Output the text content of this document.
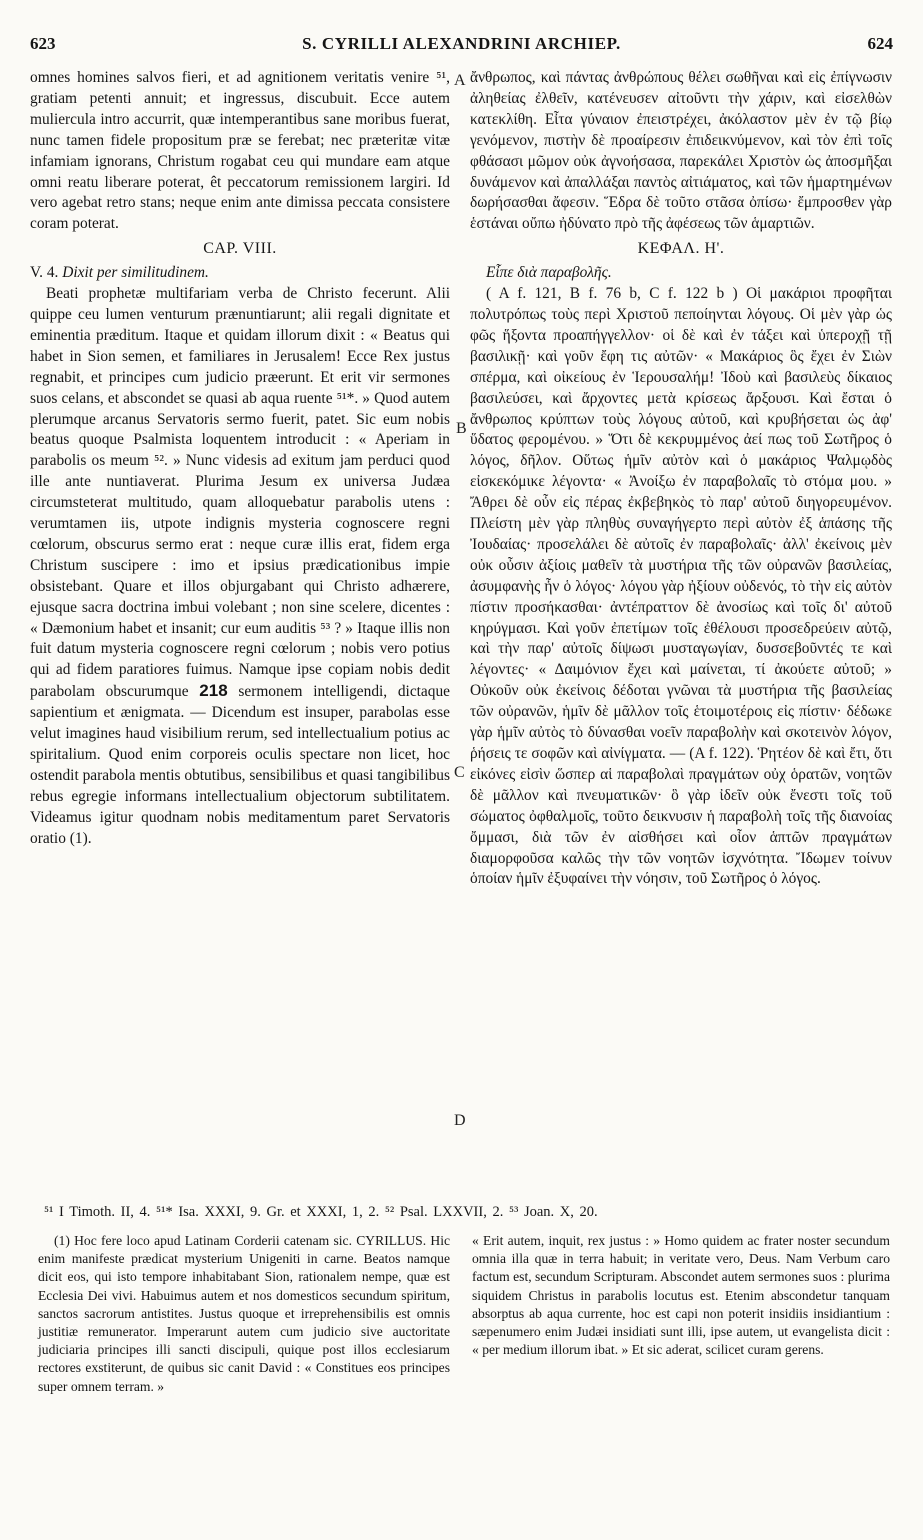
623	S. CYRILLI ALEXANDRINI ARCHIEP.	624

omnes homines salvos fieri, et ad agnitionem veritatis venire ⁵¹, gratiam petenti annuit; et ingressus, discubuit. Ecce autem muliercula intro accurrit, quæ intemperantibus sane moribus fuerat, nunc tamen fidele propositum præ se ferebat; nec præteritæ vitæ infamiam ignorans, Christum rogabat ceu qui mundare eam atque omni reatu liberare poterat, êt peccatorum remissionem largiri. Id vero agebat retro stans; neque enim ante dimissa peccata consistere coram poterat.

CAP. VIII.

V. 4. Dixit per similitudinem.

Beati prophetæ multifariam verba de Christo fecerunt. Alii quippe ceu lumen venturum prænuntiarunt; alii regali dignitate et eminentia præditum. Itaque et quidam illorum dixit : « Beatus qui habet in Sion semen, et familiares in Jerusalem! Ecce Rex justus regnabit, et principes cum judicio præerunt. Et erit vir sermones suos celans, et abscondet se quasi ab aqua ruente ⁵¹*. » Quod autem plerumque arcanus Servatoris sermo fuerit, patet. Sic eum nobis beatus quoque Psalmista loquentem introducit : « Aperiam in parabolis os meum ⁵². » Nunc videsis ad exitum jam perduci quod ille ante nuntiaverat. Plurima Jesum ex universa Judæa circumsteterat multitudo, quam alloquebatur parabolis utens : verumtamen iis, utpote indignis mysteria cognoscere regni cœlorum, obscurus sermo erat : neque curæ illis erat, fidem erga Christum suscipere : imo et ipsius prædicationibus impie obsistebant. Quare et illos objurgabant qui Christo adhærere, ejusque sacra doctrina imbui volebant ; non sine scelere, dicentes : « Dæmonium habet et insanit; cur eum auditis ⁵³ ? » Itaque illis non fuit datum mysteria cognoscere regni cœlorum ; nobis vero potius qui ad fidem paratiores fuimus. Namque ipse copiam nobis dedit parabolam obscurumque 218 sermonem intelligendi, dictaque sapientium et ænigmata. — Dicendum est insuper, parabolas esse velut imagines haud visibilium rerum, sed intellectualium potius ac spiritalium. Quod enim corporeis oculis spectare non licet, hoc ostendit parabola mentis obtutibus, sensibilibus et quasi tangibilibus rebus egregie informans intellectualium objectorum subtilitatem. Videamus igitur quodnam nobis meditamentum paret Servatoris oratio (1).

A
B
C
D

ἄνθρωπος, καὶ πάντας ἀνθρώπους θέλει σωθῆναι καὶ εἰς ἐπίγνωσιν ἀληθείας ἐλθεῖν, κατένευσεν αἰτοῦντι τὴν χάριν, καὶ εἰσελθὼν κατεκλίθη. Εἶτα γύναιον ἐπειστρέχει, ἀκόλαστον μὲν ἐν τῷ βίῳ γενόμενον, πιστὴν δὲ προαίρεσιν ἐπιδεικνύμενον, καὶ τὸν ἐπὶ τοῖς φθάσασι μῶμον οὐκ ἀγνοήσασα, παρεκάλει Χριστὸν ὡς ἀποσμῆξαι δυνάμενον καὶ ἀπαλλάξαι παντὸς αἰτιάματος, καὶ τῶν ἡμαρτημένων δωρήσασθαι ἄφεσιν. Ἕδρα δὲ τοῦτο στᾶσα ὀπίσω· ἔμπροσθεν γὰρ ἑστάναι οὔπω ἠδύνατο πρὸ τῆς ἀφέσεως τῶν ἁμαρτιῶν.

ΚΕΦΑΛ. Η'.

Εἶπε διὰ παραβολῆς.

( A f. 121, B f. 76 b, C f. 122 b ) Οἱ μακάριοι προφῆται πολυτρόπως τοὺς περὶ Χριστοῦ πεποίηνται λόγους. Οἱ μὲν γὰρ ὡς φῶς ἥξοντα προαπήγγελλον· οἱ δὲ καὶ ἐν τάξει καὶ ὑπεροχῇ τῇ βασιλικῇ· καὶ γοῦν ἔφη τις αὐτῶν· « Μακάριος ὃς ἔχει ἐν Σιὼν σπέρμα, καὶ οἰκείους ἐν Ἱερουσαλήμ! Ἰδοὺ καὶ βασιλεὺς δίκαιος βασιλεύσει, καὶ ἄρχοντες μετὰ κρίσεως ἄρξουσι. Καὶ ἔσται ὁ ἄνθρωπος κρύπτων τοὺς λόγους αὐτοῦ, καὶ κρυβήσεται ὡς ἀφ' ὕδατος φερομένου. » Ὅτι δὲ κεκρυμμένος ἀεί πως τοῦ Σωτῆρος ὁ λόγος, δῆλον. Οὕτως ἡμῖν αὐτὸν καὶ ὁ μακάριος Ψαλμῳδὸς εἰσκεκόμικε λέγοντα· « Ἀνοίξω ἐν παραβολαῖς τὸ στόμα μου. » Ἄθρει δὲ οὖν εἰς πέρας ἐκβεβηκὸς τὸ παρ' αὐτοῦ διηγορευμένον. Πλείστη μὲν γὰρ πληθὺς συναγήγερτο περὶ αὐτὸν ἐξ ἁπάσης τῆς Ἰουδαίας· προσελάλει δὲ αὐτοῖς ἐν παραβολαῖς· ἀλλ' ἐκείνοις μὲν οὐκ οὖσιν ἀξίοις μαθεῖν τὰ μυστήρια τῆς τῶν οὐρανῶν βασιλείας, ἀσυμφανὴς ἦν ὁ λόγος· λόγου γὰρ ἠξίουν οὐδενός, τὸ τὴν εἰς αὐτὸν πίστιν προσήκασθαι· ἀντέπραττον δὲ ἀνοσίως καὶ τοῖς δι' αὐτοῦ κηρύγμασι. Καὶ γοῦν ἐπετίμων τοῖς ἐθέλουσι προσεδρεύειν αὐτῷ, καὶ τὴν παρ' αὐτοῖς δίψωσι μυσταγωγίαν, δυσσεβοῦντές τε καὶ λέγοντες· « Δαιμόνιον ἔχει καὶ μαίνεται, τί ἀκούετε αὐτοῦ; » Οὐκοῦν οὐκ ἐκείνοις δέδοται γνῶναι τὰ μυστήρια τῆς βασιλείας τῶν οὐρανῶν, ἡμῖν δὲ μᾶλλον τοῖς ἑτοιμοτέροις εἰς πίστιν· δέδωκε γὰρ ἡμῖν αὐτὸς τὸ δύνασθαι νοεῖν παραβολὴν καὶ σκοτεινὸν λόγον, ῥήσεις τε σοφῶν καὶ αἰνίγματα. — (A f. 122). Ῥητέον δὲ καὶ ἔτι, ὅτι εἰκόνες εἰσὶν ὥσπερ αἱ παραβολαὶ πραγμάτων οὐχ ὁρατῶν, νοητῶν δὲ μᾶλλον καὶ πνευματικῶν· ὃ γὰρ ἰδεῖν οὐκ ἔνεστι τοῖς τοῦ σώματος ὀφθαλμοῖς, τοῦτο δεικνυσιν ἡ παραβολὴ τοῖς τῆς διανοίας ὄμμασι, διὰ τῶν ἐν αἰσθήσει καὶ οἷον ἁπτῶν πραγμάτων διαμορφοῦσα καλῶς τὴν τῶν νοητῶν ἰσχνότητα. Ἴδωμεν τοίνυν ὁποίαν ἡμῖν ἐξυφαίνει τὴν νόησιν, τοῦ Σωτῆρος ὁ λόγος.

⁵¹ I Timoth. II, 4. ⁵¹* Isa. XXXI, 9. Gr. et XXXI, 1, 2. ⁵² Psal. LXXVII, 2. ⁵³ Joan. X, 20.

(1) Hoc fere loco apud Latinam Corderii catenam sic. CYRILLUS. Hic enim manifeste prædicat mysterium Unigeniti in carne. Beatos namque dicit eos, qui isto tempore inhabitabant Sion, rationalem nempe, quæ est Ecclesia Dei vivi. Habuimus autem et nos domesticos secundum spiritum, sanctos sacrorum antistites. Justus quoque et irreprehensibilis est omnis justitiæ remunerator. Imperarunt autem cum judicio sive auctoritate judiciaria principes illi sancti discipuli, quique post illos ecclesiarum rectores exstiterunt, de quibus sic canit David : « Constitues eos principes super omnem terram. »

« Erit autem, inquit, rex justus : » Homo quidem ac frater noster secundum omnia illa quæ in terra habuit; in veritate vero, Deus. Nam Verbum caro factum est, secundum Scripturam. Abscondet autem sermones suos : plurima siquidem Christus in parabolis locutus est. Etenim abscondetur tanquam absorptus ab aqua currente, hoc est capi non poterit insidiis insidiantium : sæpenumero enim Judæi insidiati sunt illi, ipse autem, ut evangelista dicit : « per medium illorum ibat. » Et sic aderat, scilicet curam gerens.
